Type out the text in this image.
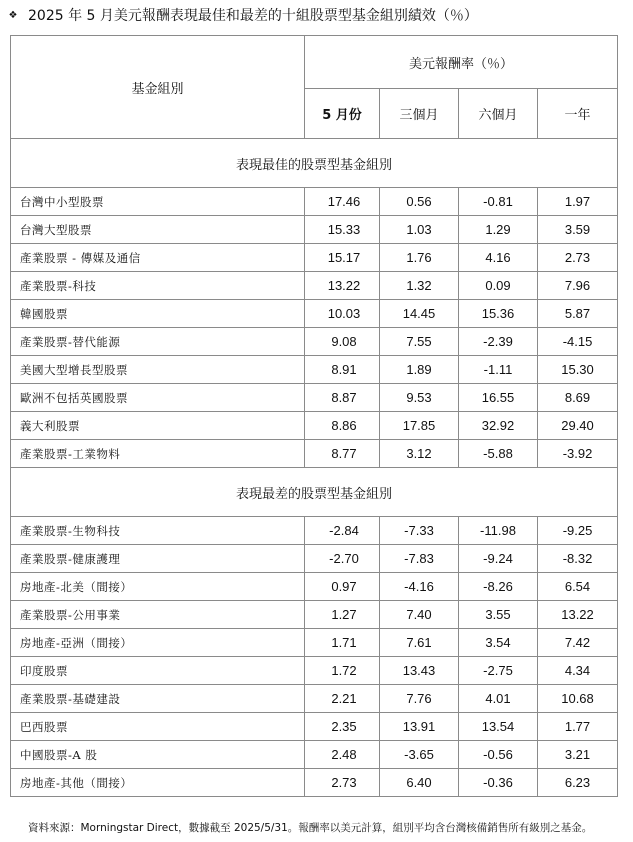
❖ 2025 年 5 月美元報酬表現最佳和最差的十組股票型基金組別績效（％）
基金組別	美元報酬率（％）			
	5 月份	三個月	六個月	一年
表現最佳的股票型基金組別				
台灣中小型股票	17.46	0.56	-0.81	1.97
台灣大型股票	15.33	1.03	1.29	3.59
產業股票 - 傳媒及通信	15.17	1.76	4.16	2.73
產業股票-科技	13.22	1.32	0.09	7.96
韓國股票	10.03	14.45	15.36	5.87
產業股票-替代能源	9.08	7.55	-2.39	-4.15
美國大型增長型股票	8.91	1.89	-1.11	15.30
歐洲不包括英國股票	8.87	9.53	16.55	8.69
義大利股票	8.86	17.85	32.92	29.40
產業股票-工業物料	8.77	3.12	-5.88	-3.92
表現最差的股票型基金組別				
產業股票-生物科技	-2.84	-7.33	-11.98	-9.25
產業股票-健康護理	-2.70	-7.83	-9.24	-8.32
房地產-北美（間接）	0.97	-4.16	-8.26	6.54
產業股票-公用事業	1.27	7.40	3.55	13.22
房地產-亞洲（間接）	1.71	7.61	3.54	7.42
印度股票	1.72	13.43	-2.75	4.34
產業股票-基礎建設	2.21	7.76	4.01	10.68
巴西股票	2.35	13.91	13.54	1.77
中國股票-A 股	2.48	-3.65	-0.56	3.21
房地產-其他（間接）	2.73	6.40	-0.36	6.23
資料來源：Morningstar Direct，數據截至 2025/5/31。報酬率以美元計算，組別平均含台灣核備銷售所有級別之基金。
